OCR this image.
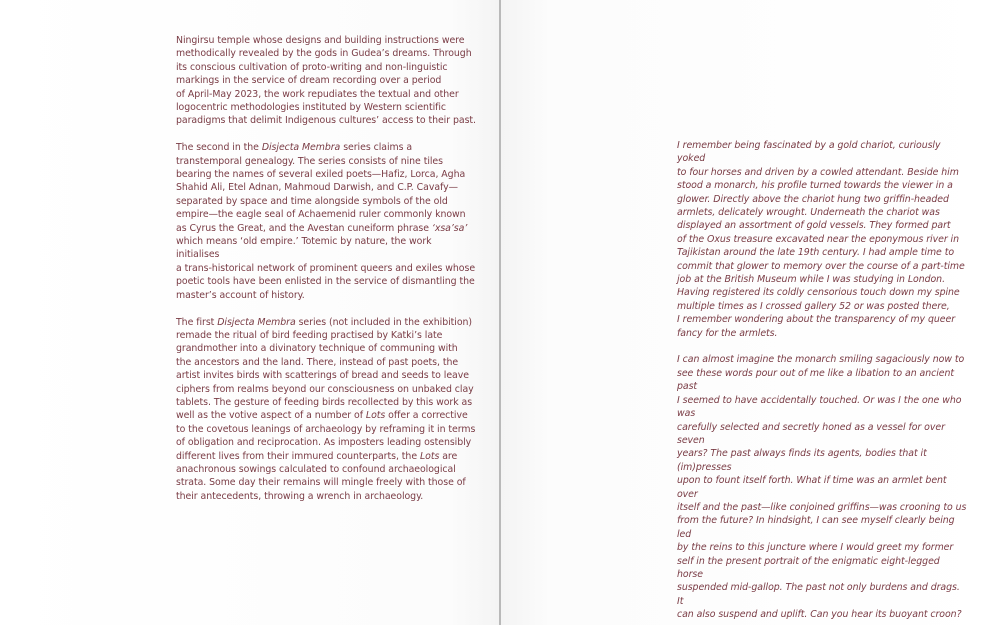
Ningirsu temple whose designs and building instructions were
methodically revealed by the gods in Gudea’s dreams. Through
its conscious cultivation of proto-writing and non-linguistic
markings in the service of dream recording over a period
of April-May 2023, the work repudiates the textual and other
logocentric methodologies instituted by Western scientific
paradigms that delimit Indigenous cultures’ access to their past.

The second in the Disjecta Membra series claims a
transtemporal genealogy. The series consists of nine tiles
bearing the names of several exiled poets—Hafiz, Lorca, Agha
Shahid Ali, Etel Adnan, Mahmoud Darwish, and C.P. Cavafy—
separated by space and time alongside symbols of the old
empire—the eagle seal of Achaemenid ruler commonly known
as Cyrus the Great, and the Avestan cuneiform phrase ‘xsa’sa’
which means ‘old empire.’ Totemic by nature, the work initialises
a trans-historical network of prominent queers and exiles whose
poetic tools have been enlisted in the service of dismantling the
master’s account of history.

The first Disjecta Membra series (not included in the exhibition)
remade the ritual of bird feeding practised by Katki’s late
grandmother into a divinatory technique of communing with
the ancestors and the land. There, instead of past poets, the
artist invites birds with scatterings of bread and seeds to leave
ciphers from realms beyond our consciousness on unbaked clay
tablets. The gesture of feeding birds recollected by this work as
well as the votive aspect of a number of Lots offer a corrective
to the covetous leanings of archaeology by reframing it in terms
of obligation and reciprocation. As imposters leading ostensibly
different lives from their immured counterparts, the Lots are
anachronous sowings calculated to confound archaeological
strata. Some day their remains will mingle freely with those of
their antecedents, throwing a wrench in archaeology.

I remember being fascinated by a gold chariot, curiously yoked
to four horses and driven by a cowled attendant. Beside him
stood a monarch, his profile turned towards the viewer in a
glower. Directly above the chariot hung two griffin-headed
armlets, delicately wrought. Underneath the chariot was
displayed an assortment of gold vessels. They formed part
of the Oxus treasure excavated near the eponymous river in
Tajikistan around the late 19th century. I had ample time to
commit that glower to memory over the course of a part-time
job at the British Museum while I was studying in London.
Having registered its coldly censorious touch down my spine
multiple times as I crossed gallery 52 or was posted there,
I remember wondering about the transparency of my queer
fancy for the armlets.

I can almost imagine the monarch smiling sagaciously now to
see these words pour out of me like a libation to an ancient past
I seemed to have accidentally touched. Or was I the one who was
carefully selected and secretly honed as a vessel for over seven
years? The past always finds its agents, bodies that it (im)presses
upon to fount itself forth. What if time was an armlet bent over
itself and the past—like conjoined griffins—was crooning to us
from the future? In hindsight, I can see myself clearly being led
by the reins to this juncture where I would greet my former
self in the present portrait of the enigmatic eight-legged horse
suspended mid-gallop. The past not only burdens and drags. It
can also suspend and uplift. Can you hear its buoyant croon?
